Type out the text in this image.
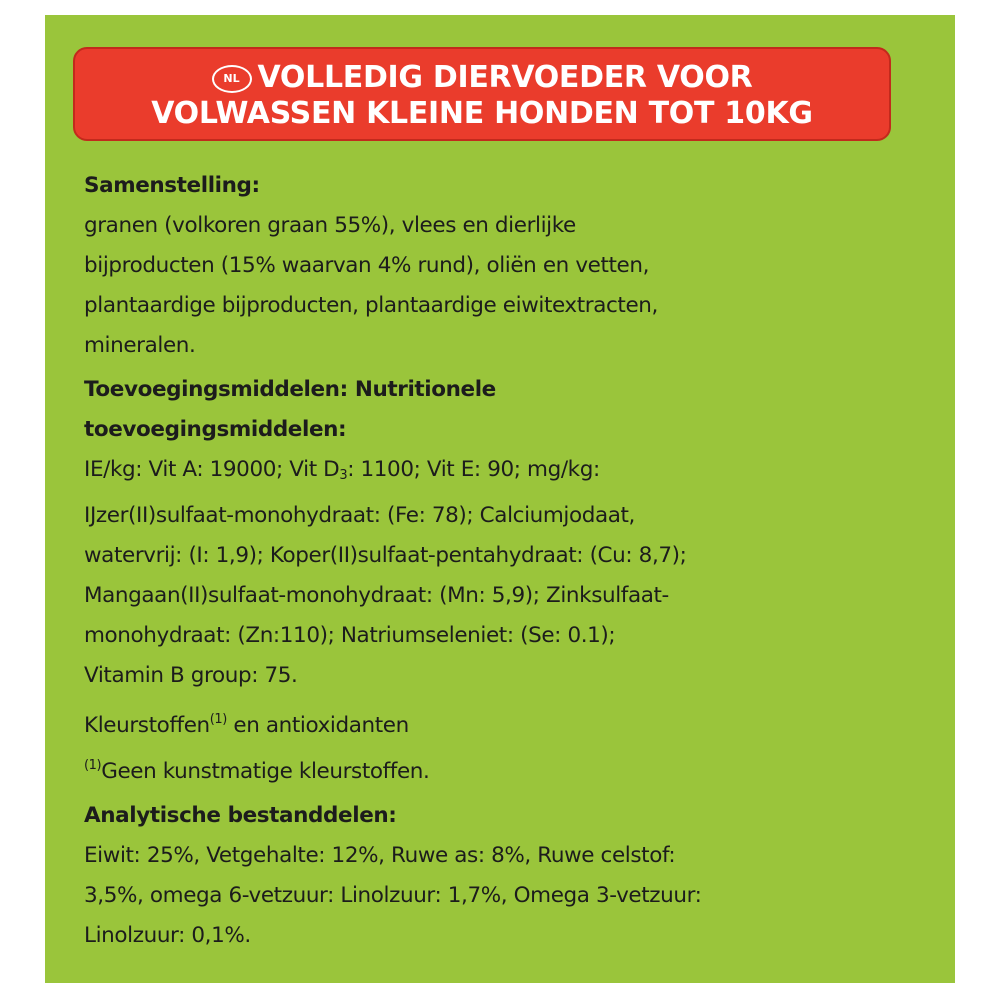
NL VOLLEDIG DIERVOEDER VOOR
VOLWASSEN KLEINE HONDEN TOT 10KG

Samenstelling:

granen (volkoren graan 55%), vlees en dierlijke

bijproducten (15% waarvan 4% rund), oliën en vetten,

plantaardige bijproducten, plantaardige eiwitextracten,

mineralen.

Toevoegingsmiddelen: Nutritionele

toevoegingsmiddelen:

IE/kg: Vit A: 19000; Vit $D_3$: 1100; Vit E: 90; mg/kg:

IJzer(II)sulfaat-monohydraat: (Fe: 78); Calciumjodaat,

watervrij: (I: 1,9); Koper(II)sulfaat-pentahydraat: (Cu: 8,7);

Mangaan(II)sulfaat-monohydraat: (Mn: 5,9); Zinksulfaat-

monohydraat: (Zn:110); Natriumseleniet: (Se: 0.1);

Vitamin B group: 75.

Kleurstoffen$^{(1)}$ en antioxidanten

$^{(1)}$Geen kunstmatige kleurstoffen.

Analytische bestanddelen:

Eiwit: 25%, Vetgehalte: 12%, Ruwe as: 8%, Ruwe celstof:

3,5%, omega 6-vetzuur: Linolzuur: 1,7%, Omega 3-vetzuur:

Linolzuur: 0,1%.
